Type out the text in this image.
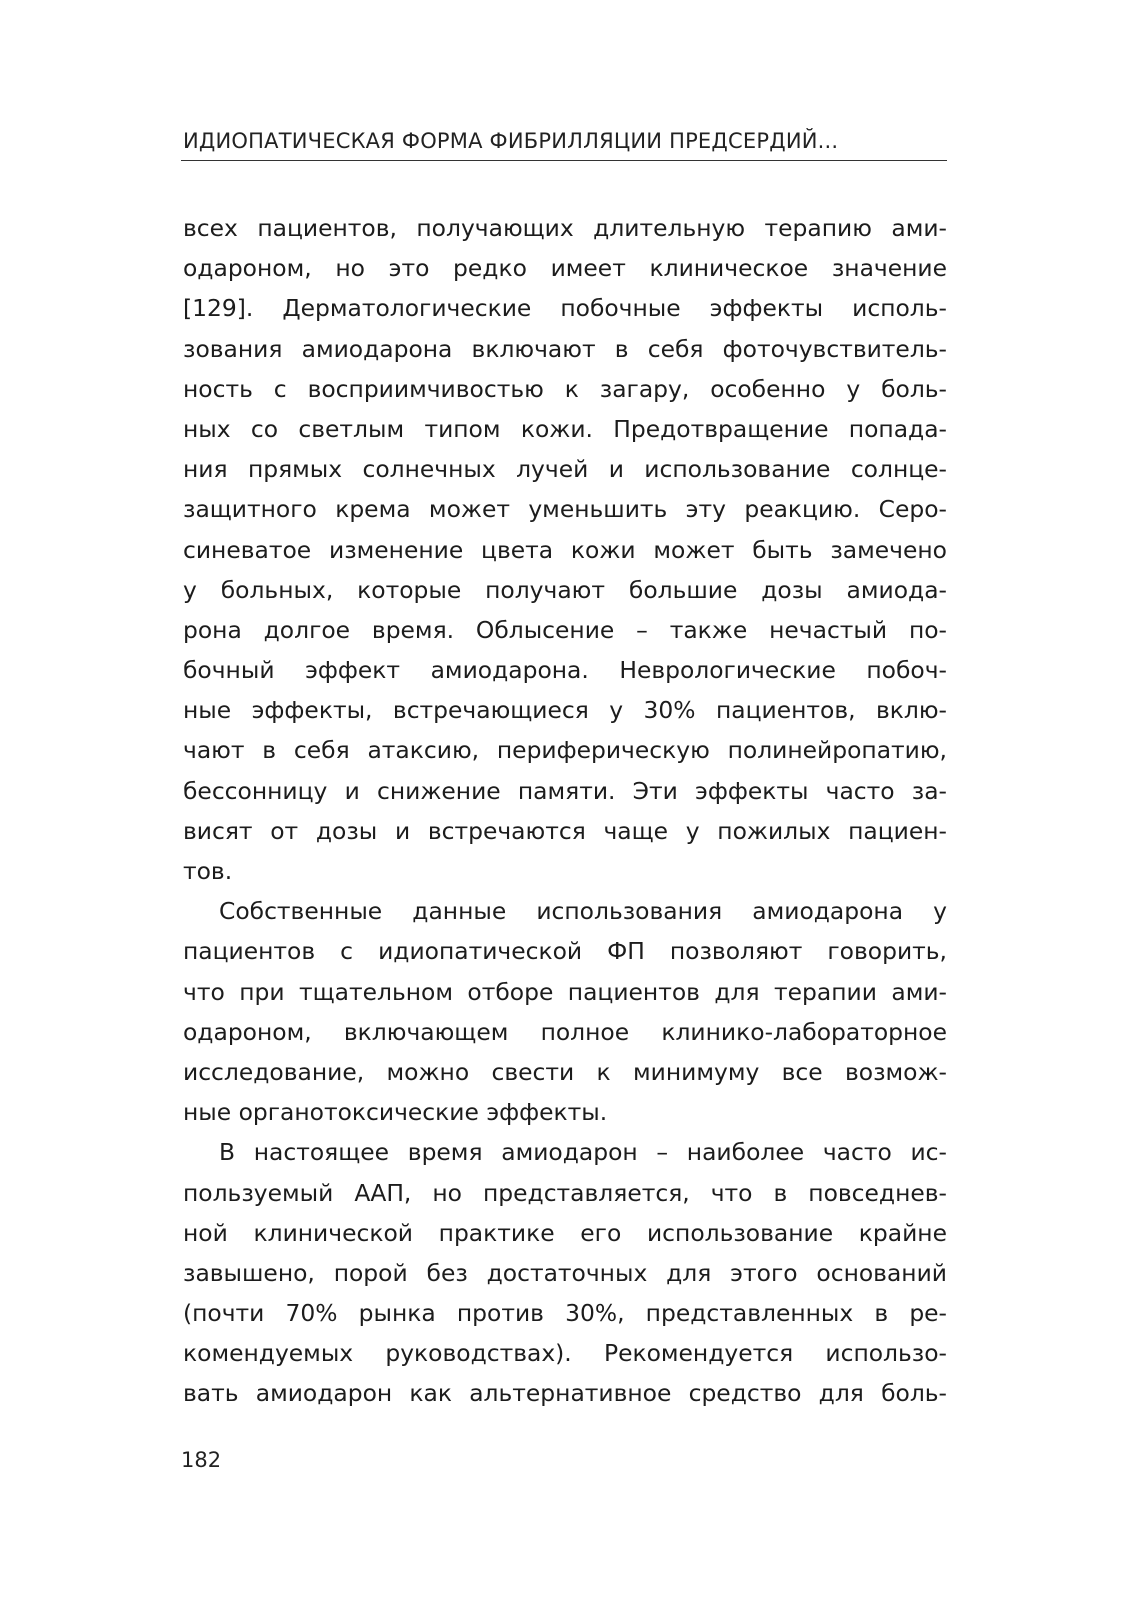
ИДИОПАТИЧЕСКАЯ ФОРМА ФИБРИЛЛЯЦИИ ПРЕДСЕРДИЙ...
всех пациентов, получающих длительную терапию ами-
одароном, но это редко имеет клиническое значение
[129]. Дерматологические побочные эффекты исполь-
зования амиодарона включают в себя фоточувствитель-
ность с восприимчивостью к загару, особенно у боль-
ных со светлым типом кожи. Предотвращение попада-
ния прямых солнечных лучей и использование солнце-
защитного крема может уменьшить эту реакцию. Серо-
синеватое изменение цвета кожи может быть замечено
у больных, которые получают большие дозы амиода-
рона долгое время. Облысение – также нечастый по-
бочный эффект амиодарона. Неврологические побоч-
ные эффекты, встречающиеся у 30% пациентов, вклю-
чают в себя атаксию, периферическую полинейропатию,
бессонницу и снижение памяти. Эти эффекты часто за-
висят от дозы и встречаются чаще у пожилых пациен-
тов.
Собственные данные использования амиодарона у
пациентов с идиопатической ФП позволяют говорить,
что при тщательном отборе пациентов для терапии ами-
одароном, включающем полное клинико-лабораторное
исследование, можно свести к минимуму все возмож-
ные органотоксические эффекты.
В настоящее время амиодарон – наиболее часто ис-
пользуемый ААП, но представляется, что в повседнев-
ной клинической практике его использование крайне
завышено, порой без достаточных для этого оснований
(почти 70% рынка против 30%, представленных в ре-
комендуемых руководствах). Рекомендуется использо-
вать амиодарон как альтернативное средство для боль-
182
